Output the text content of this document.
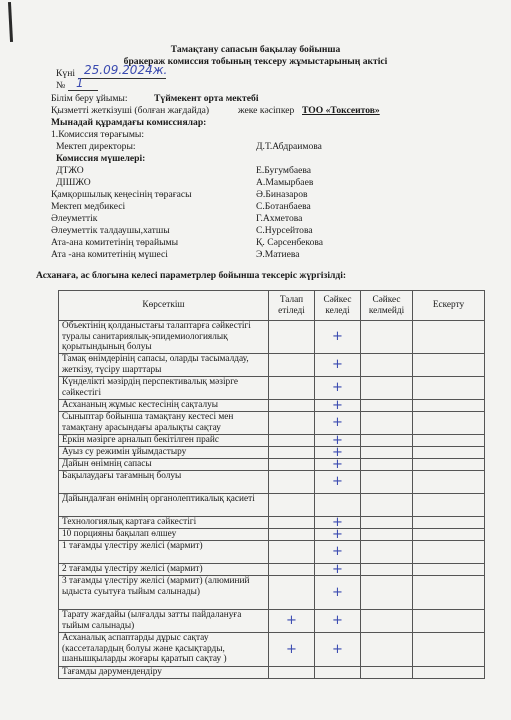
Тамақтану сапасын бақылау бойынша
бракераж комиссия тобының тексеру жұмыстарының актісі
Күні 25.09.2024ж.
№ 1
Білім беру ұйымы:	Түймекент орта мектебі
Қызметті жеткізуші (болған жағдайда)	жеке кәсіпкер ТОО «Токсеитов»
Мынадай құрамдағы комиссиялар:
1.Комиссия төрағымы:
Мектеп директоры:	Д.Т.Абдраимова
Комиссия мүшелері:
ДТЖО	Е.Бугумбаева
ДІШЖО	А.Мамырбаев
Қамқоршылық кеңесінің төрағасы	Ә.Биназаров
Мектеп медбикесі	С.Ботанбаева
Әлеуметтік	Г.Ахметова
Әлеуметтік талдаушы,хатшы	С.Нурсейтова
Ата-ана комитетінің төрайымы	Қ. Сәрсенбекова
Ата -ана комитетінің мүшесі	Э.Матиева
Асханаға, ас блогына келесі параметрлер бойынша тексеріс жүргізілді:
Көрсеткіш	Талап етіледі	Сәйкес келеді	Сәйкес келмейді	Ескерту
Объектінің қолданыстағы талаптарға сәйкестігі туралы санитариялық-эпидемиологиялық қорытындының болуы		+		

Тамақ өнімдерінің сапасы, оларды тасымалдау, жеткізу, түсіру шарттары		+		

Күнделікті мәзірдің перспективалық мәзірге сәйкестігі		+		

Асхананың жұмыс кестесінің сақталуы		+		

Сыныптар бойынша тамақтану кестесі мен тамақтану арасындағы аралықты сақтау		+		

Еркін мәзірге арналып бекітілген прайс		+		

Ауыз су режимін ұйымдастыру		+		

Дайын өнімнің сапасы		+		

Бақылаудағы тағамның болуы		+		

Дайындалған өнімнің органолептикалық қасиеті	

Технологиялық картаға сәйкестігі		+		

10 порцияны бақылап өлшеу		+		

1 тағамды үлестіру желісі (мармит)		+		

2 тағамды үлестіру желісі (мармит)		+		

3 тағамды үлестіру желісі (мармит) (алюминий ыдыста суытуға тыйым салынады)		+		

Тарату жағдайы (ылғалды затты пайдалануға тыйым салынады)	+	+		

Асханалық аспаптарды дұрыс сақтау (кассеталардың болуы және қасықтарды, шанышқыларды жоғары қаратып сақтау )	+	+		

Тағамды дәрумендендіру	
